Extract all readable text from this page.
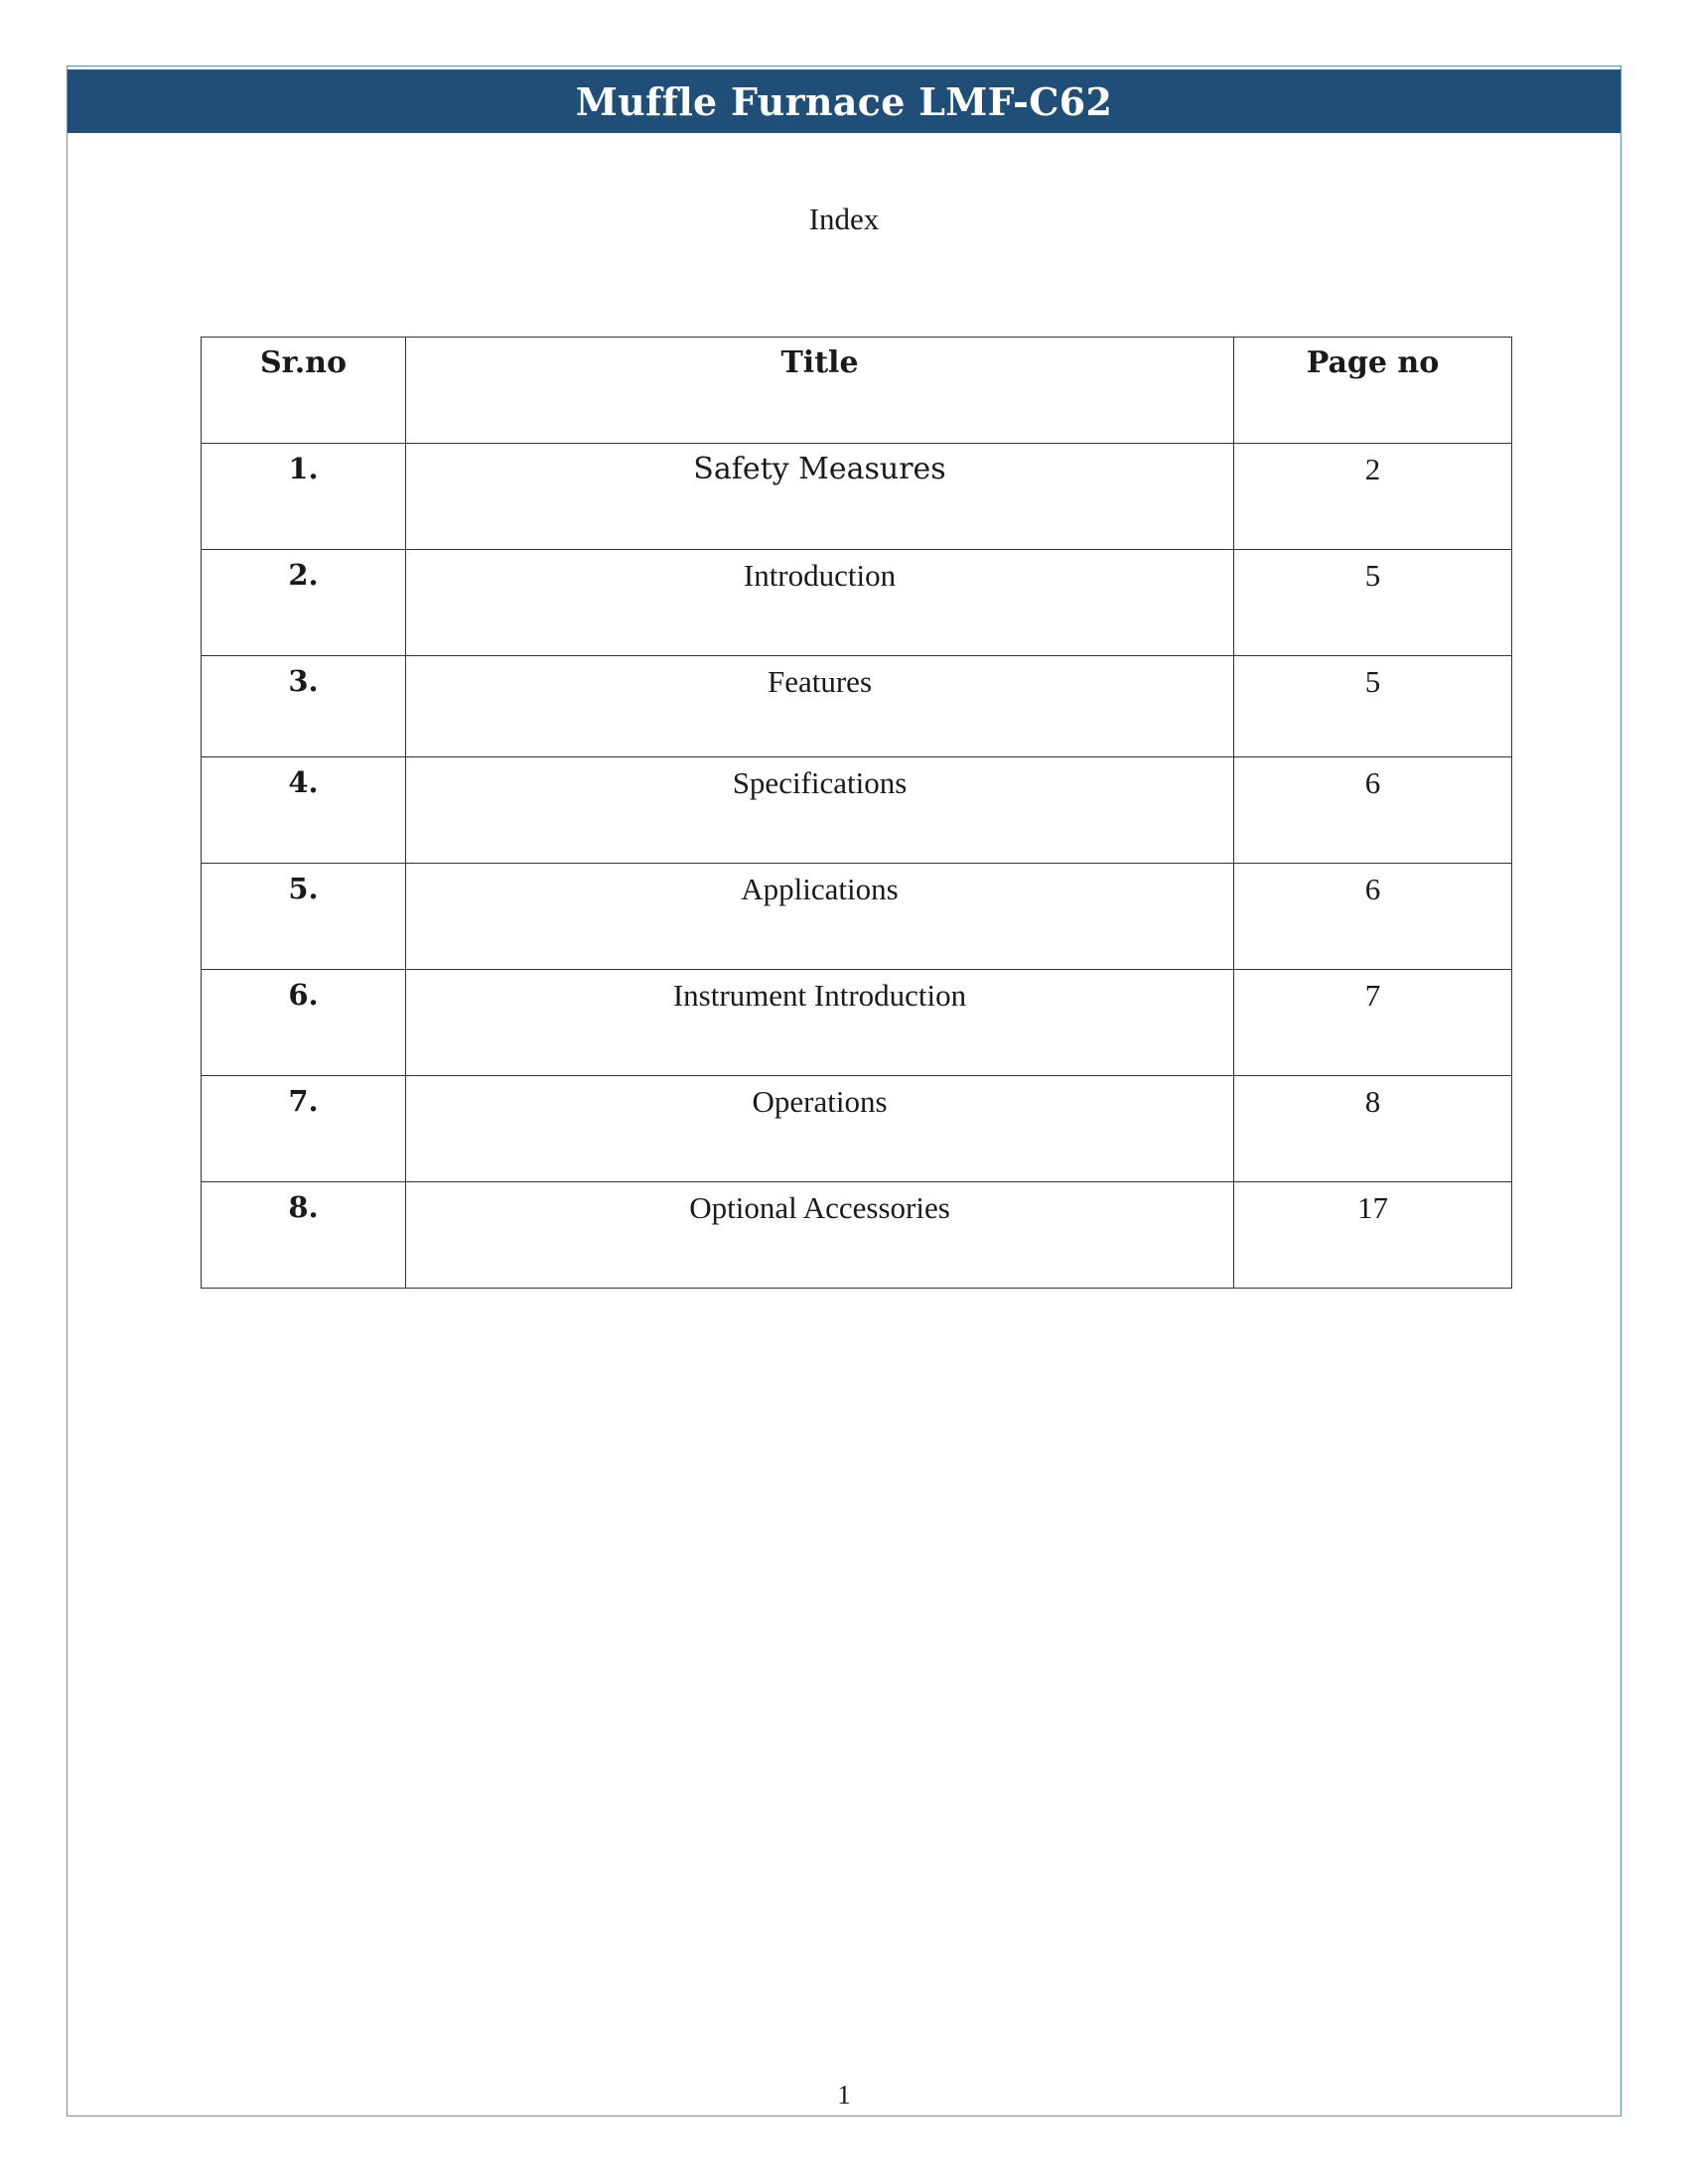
Muffle Furnace LMF-C62
Index
Sr.no	Title	Page no
1.	Safety Measures	2
2.	Introduction	5
3.	Features	5
4.	Specifications	6
5.	Applications	6
6.	Instrument Introduction	7
7.	Operations	8
8.	Optional Accessories	17
1
